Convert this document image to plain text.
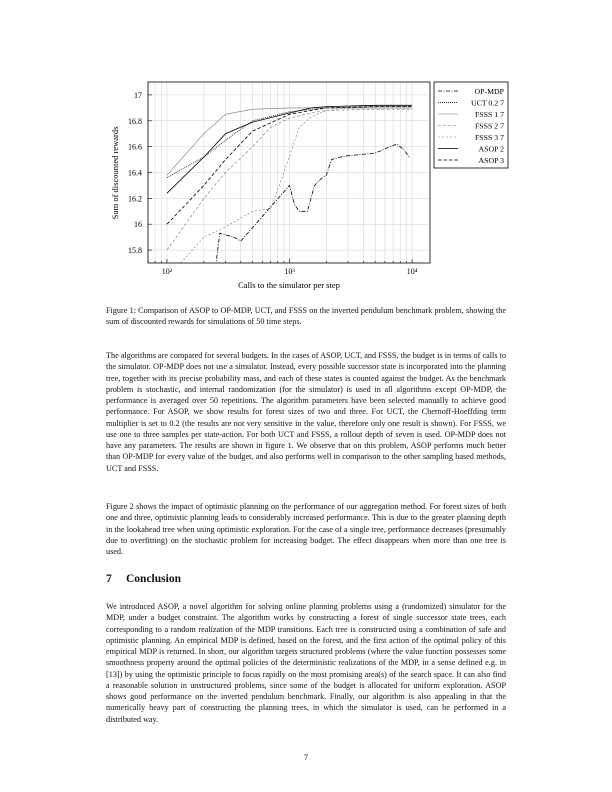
15.8
16
16.2
16.4
16.6
16.8
17
10²	10³	10⁴
Calls to the simulator per step
Sum of discounted rewards
OP-MDP
UCT 0.2 7
FSSS 1 7
FSSS 2 7
FSSS 3 7
ASOP 2
ASOP 3

Figure 1: Comparison of ASOP to OP-MDP, UCT, and FSSS on the inverted pendulum benchmark problem, showing the sum of discounted rewards for simulations of 50 time steps.

The algorithms are compared for several budgets. In the cases of ASOP, UCT, and FSSS, the budget is in terms of calls to the simulator. OP-MDP does not use a simulator. Instead, every possible successor state is incorporated into the planning tree, together with its precise probability mass, and each of these states is counted against the budget. As the benchmark problem is stochastic, and internal randomization (for the simulator) is used in all algorithms except OP-MDP, the performance is averaged over 50 repetitions. The algorithm parameters have been selected manually to achieve good performance. For ASOP, we show results for forest sizes of two and three. For UCT, the Chernoff-Hoeffding term multiplier is set to 0.2 (the results are not very sensitive in the value, therefore only one result is shown). For FSSS, we use one to three samples per state-action. For both UCT and FSSS, a rollout depth of seven is used. OP-MDP does not have any parameters. The results are shown in figure 1. We observe that on this problem, ASOP performs much better than OP-MDP for every value of the budget, and also performs well in comparison to the other sampling based methods, UCT and FSSS.

Figure 2 shows the impact of optimistic planning on the performance of our aggregation method. For forest sizes of both one and three, optimistic planning leads to considerably increased performance. This is due to the greater planning depth in the lookahead tree when using optimistic exploration. For the case of a single tree, performance decreases (presumably due to overfitting) on the stochastic problem for increasing budget. The effect disappears when more than one tree is used.

7 Conclusion

We introduced ASOP, a novel algorithm for solving online planning problems using a (randomized) simulator for the MDP, under a budget constraint. The algorithm works by constructing a forest of single successor state trees, each corresponding to a random realization of the MDP transitions. Each tree is constructed using a combination of safe and optimistic planning. An empirical MDP is defined, based on the forest, and the first action of the optimal policy of this empirical MDP is returned. In short, our algorithm targets structured problems (where the value function possesses some smoothness property around the optimal policies of the deterministic realizations of the MDP, in a sense defined e.g. in [13]) by using the optimistic principle to focus rapidly on the most promising area(s) of the search space. It can also find a reasonable solution in unstructured problems, since some of the budget is allocated for uniform exploration. ASOP shows good performance on the inverted pendulum benchmark. Finally, our algorithm is also appealing in that the numerically heavy part of constructing the planning trees, in which the simulator is used, can be performed in a distributed way.

7
